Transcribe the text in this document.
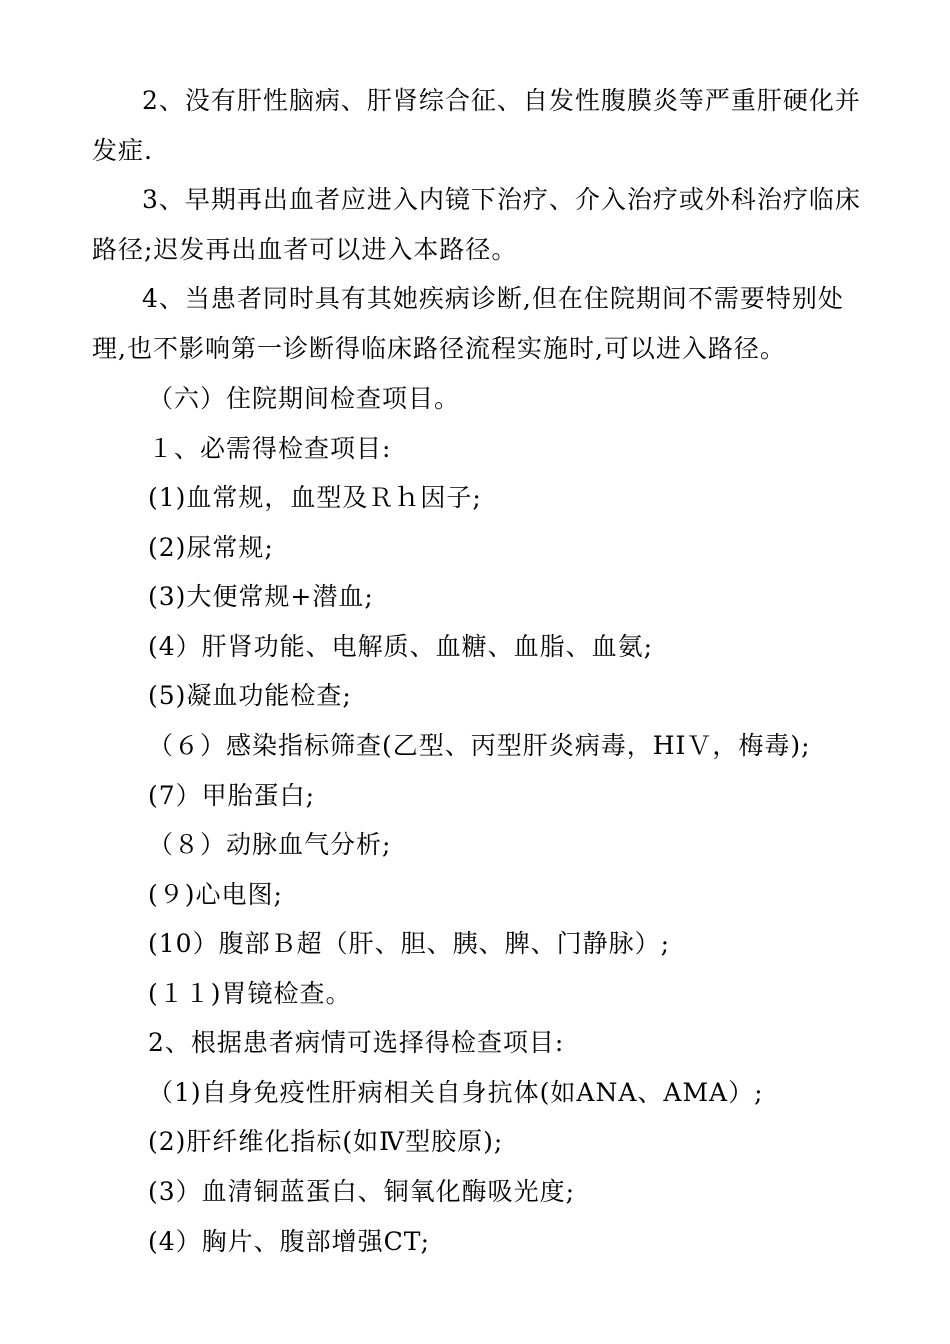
2、没有肝性脑病、肝肾综合征、自发性腹膜炎等严重肝硬化并发症.
3、早期再出血者应进入内镜下治疗、介入治疗或外科治疗临床路径;迟发再出血者可以进入本路径。
4、当患者同时具有其她疾病诊断,但在住院期间不需要特别处理,也不影响第一诊断得临床路径流程实施时,可以进入路径。
（六）住院期间检查项目。
１、必需得检查项目:
(1)血常规，血型及Ｒｈ因子;
(2)尿常规;
(3)大便常规+潜血;
(4）肝肾功能、电解质、血糖、血脂、血氨;
(5)凝血功能检查;
（６）感染指标筛查(乙型、丙型肝炎病毒，HIＶ，梅毒);
(7）甲胎蛋白;
（８）动脉血气分析;
(９)心电图;
(10）腹部Ｂ超（肝、胆、胰、脾、门静脉）;
(１１)胃镜检查。
2、根据患者病情可选择得检查项目:
（1)自身免疫性肝病相关自身抗体(如ANA、AMA）;
(2)肝纤维化指标(如Ⅳ型胶原);
(3）血清铜蓝蛋白、铜氧化酶吸光度;
(4）胸片、腹部增强CT;
